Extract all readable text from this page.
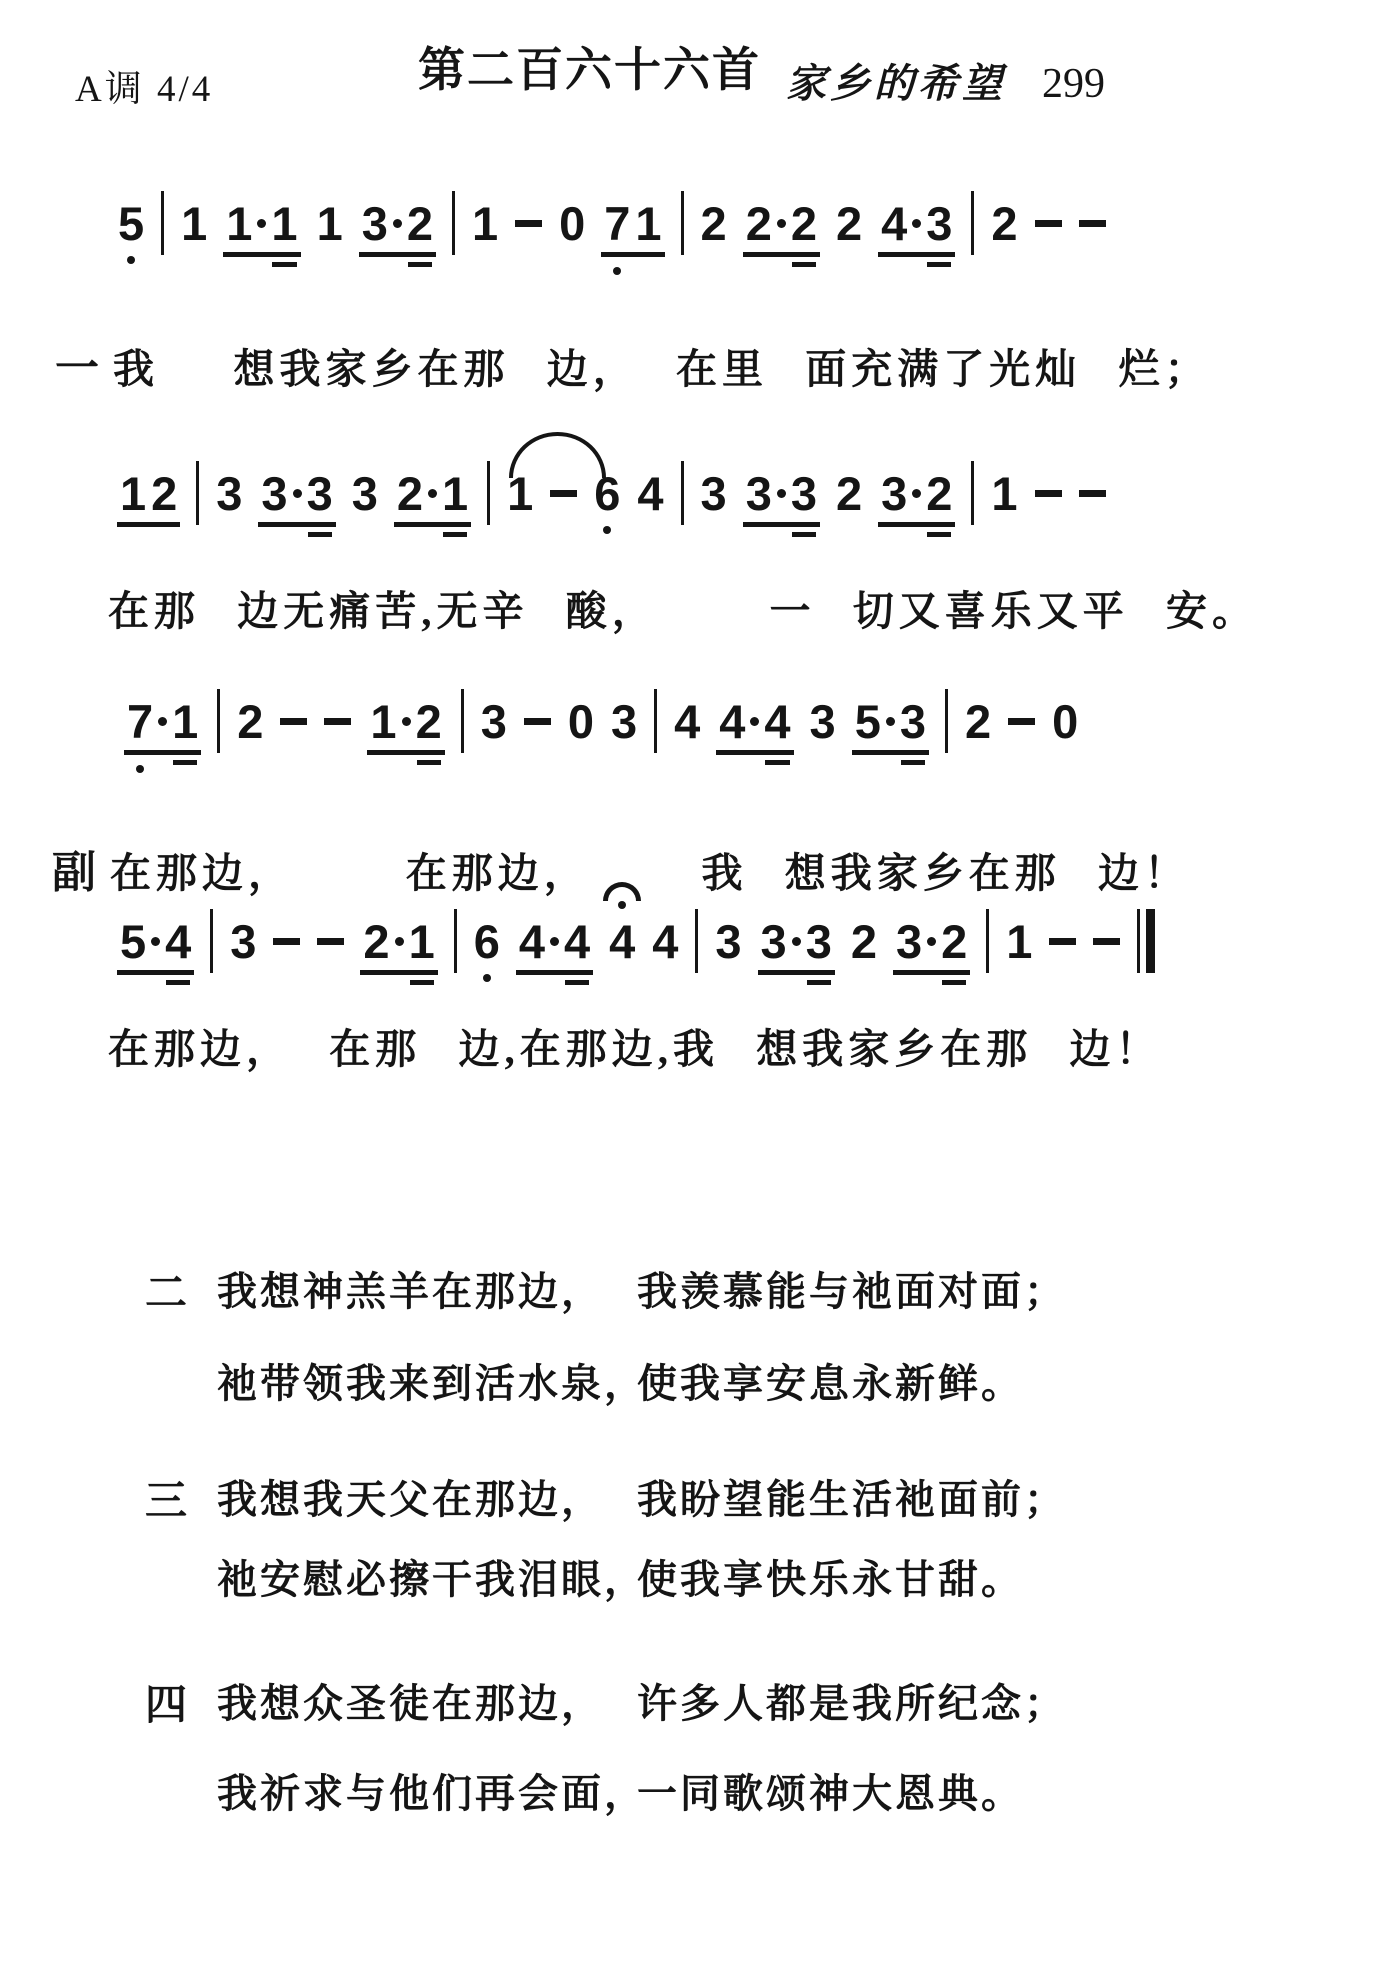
A调 4/4	第二百六十六首 家乡的希望 299
5 1 1 1 1 3 2 1 0 7 1 2 2 2 2 4 3 2
一 我  想我家乡在那 边， 在里 面充满了光灿 烂；
1 2 3 3 3 3 2 1 1 6 4 3 3 3 2 3 2 1
在那 边无痛苦,无辛 酸，   一 切又喜乐又平 安。
7 1 2 1 2 3 0 3 4 4 4 3 5 3 2 0
副 在那边，   在那边，   我 想我家乡在那 边！
5 4 3 2 1 6 4 4 4 4 3 3 3 2 3 2 1
在那边， 在那 边,在那边,我 想我家乡在那 边！
二 我想神羔羊在那边， 我羡慕能与祂面对面；
祂带领我来到活水泉，
使我享安息永新鲜。
三 我想我天父在那边， 我盼望能生活祂面前；
祂安慰必擦干我泪眼，
使我享快乐永甘甜。
四 我想众圣徒在那边， 许多人都是我所纪念；
我祈求与他们再会面，
一同歌颂神大恩典。
